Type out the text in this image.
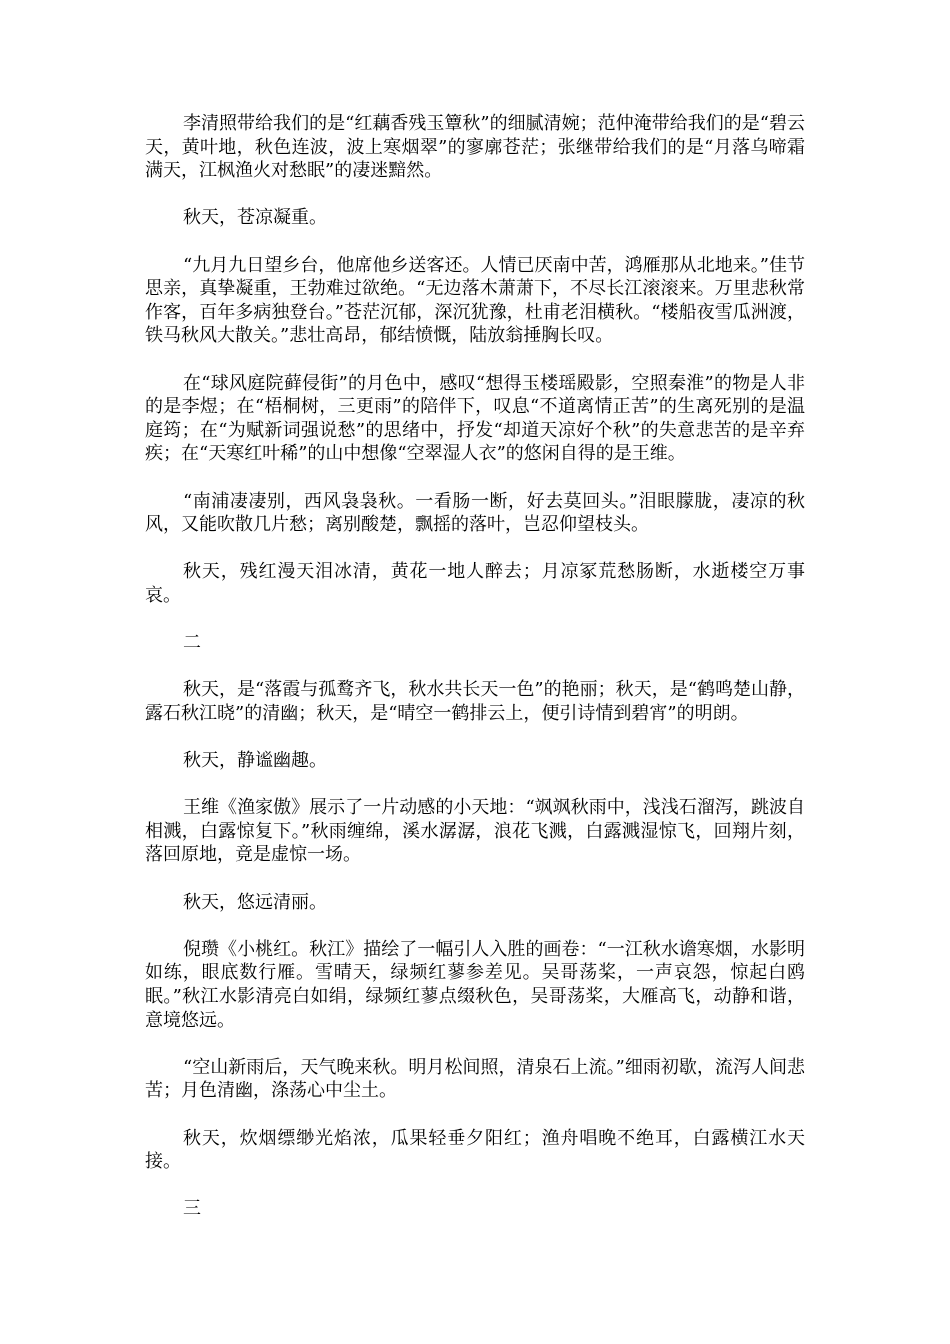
李清照带给我们的是“红藕香残玉簟秋”的细腻清婉；范仲淹带给我们的是“碧云天，黄叶地，秋色连波，波上寒烟翠”的寥廓苍茫；张继带给我们的是“月落乌啼霜满天，江枫渔火对愁眠”的凄迷黯然。

秋天，苍凉凝重。

“九月九日望乡台，他席他乡送客还。人情已厌南中苦，鸿雁那从北地来。”佳节思亲，真挚凝重，王勃难过欲绝。“无边落木萧萧下，不尽长江滚滚来。万里悲秋常作客，百年多病独登台。”苍茫沉郁，深沉犹豫，杜甫老泪横秋。“楼船夜雪瓜洲渡，铁马秋风大散关。”悲壮高昂，郁结愤慨，陆放翁捶胸长叹。

在“球风庭院藓侵街”的月色中，感叹“想得玉楼瑶殿影，空照秦淮”的物是人非的是李煜；在“梧桐树，三更雨”的陪伴下，叹息“不道离情正苦”的生离死别的是温庭筠；在“为赋新词强说愁”的思绪中，抒发“却道天凉好个秋”的失意悲苦的是辛弃疾；在“天寒红叶稀”的山中想像“空翠湿人衣”的悠闲自得的是王维。

“南浦凄凄别，西风袅袅秋。一看肠一断，好去莫回头。”泪眼朦胧，凄凉的秋风，又能吹散几片愁；离别酸楚，飘摇的落叶，岂忍仰望枝头。

秋天，残红漫天泪冰清，黄花一地人醉去；月凉冢荒愁肠断，水逝楼空万事哀。

二

秋天，是“落霞与孤鹜齐飞，秋水共长天一色”的艳丽；秋天，是“鹤鸣楚山静，露石秋江晓”的清幽；秋天，是“晴空一鹤排云上，便引诗情到碧宵”的明朗。

秋天，静谧幽趣。

王维《渔家傲》展示了一片动感的小天地：“飒飒秋雨中，浅浅石溜泻，跳波自相溅，白露惊复下。”秋雨缠绵，溪水潺潺，浪花飞溅，白露溅湿惊飞，回翔片刻，落回原地，竟是虚惊一场。

秋天，悠远清丽。

倪瓒《小桃红。秋江》描绘了一幅引人入胜的画卷：“一江秋水谵寒烟，水影明如练，眼底数行雁。雪晴天，绿频红蓼参差见。吴哥荡桨，一声哀怨，惊起白鸥眠。”秋江水影清亮白如绢，绿频红蓼点缀秋色，吴哥荡桨，大雁高飞，动静和谐，意境悠远。

“空山新雨后，天气晚来秋。明月松间照，清泉石上流。”细雨初歇，流泻人间悲苦；月色清幽，涤荡心中尘土。

秋天，炊烟缥缈光焰浓，瓜果轻垂夕阳红；渔舟唱晚不绝耳，白露横江水天接。

三
